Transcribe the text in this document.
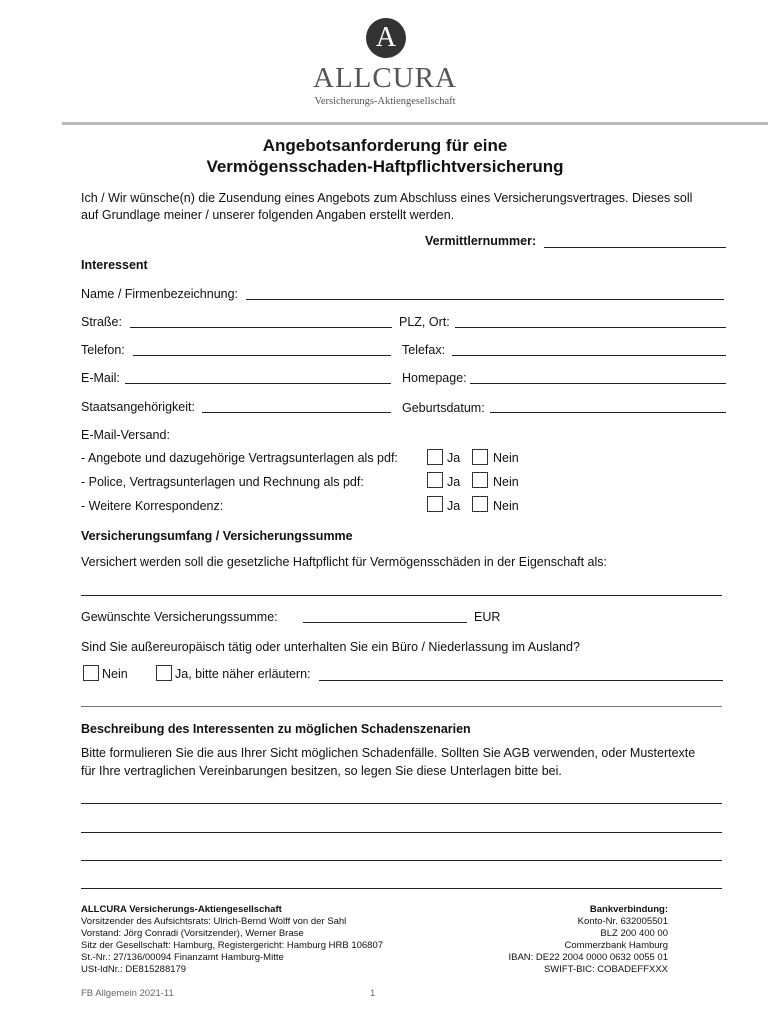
A
ALLCURA
Versicherungs-Aktiengesellschaft
Angebotsanforderung für eine
Vermögensschaden-Haftpflichtversicherung
Ich / Wir wünsche(n) die Zusendung eines Angebots zum Abschluss eines Versicherungsvertrages. Dieses soll
auf Grundlage meiner / unserer folgenden Angaben erstellt werden.
Vermittlernummer:
Interessent
Name / Firmenbezeichnung:
Straße:	PLZ, Ort:
Telefon:	Telefax:
E-Mail:	Homepage:
Staatsangehörigkeit:	Geburtsdatum:
E-Mail-Versand:
- Angebote und dazugehörige Vertragsunterlagen als pdf:	Ja	Nein
- Police, Vertragsunterlagen und Rechnung als pdf:	Ja	Nein
- Weitere Korrespondenz:	Ja	Nein
Versicherungsumfang / Versicherungssumme
Versichert werden soll die gesetzliche Haftpflicht für Vermögensschäden in der Eigenschaft als:
Gewünschte Versicherungssumme:	EUR
Sind Sie außereuropäisch tätig oder unterhalten Sie ein Büro / Niederlassung im Ausland?
Nein	Ja, bitte näher erläutern:
Beschreibung des Interessenten zu möglichen Schadenszenarien
Bitte formulieren Sie die aus Ihrer Sicht möglichen Schadenfälle. Sollten Sie AGB verwenden, oder Mustertexte
für Ihre vertraglichen Vereinbarungen besitzen, so legen Sie diese Unterlagen bitte bei.
ALLCURA Versicherungs-Aktiengesellschaft
Vorsitzender des Aufsichtsrats: Ulrich-Bernd Wolff von der Sahl
Vorstand: Jörg Conradi (Vorsitzender), Werner Brase
Sitz der Gesellschaft: Hamburg, Registergericht: Hamburg HRB 106807
St.-Nr.: 27/136/00094 Finanzamt Hamburg-Mitte
USt-IdNr.: DE815288179
Bankverbindung:
Konto-Nr. 632005501
BLZ 200 400 00
Commerzbank Hamburg
IBAN: DE22 2004 0000 0632 0055 01
SWIFT-BIC: COBADEFFXXX
FB Allgemein 2021-11	1
